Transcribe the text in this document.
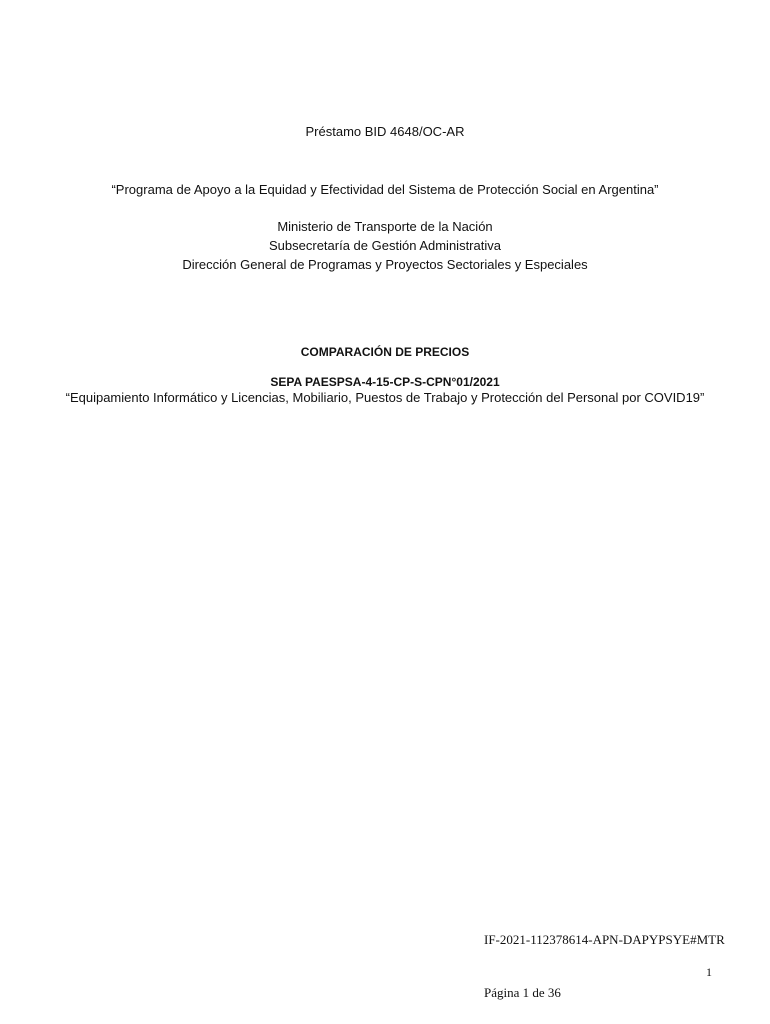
Préstamo BID 4648/OC-AR
“Programa de Apoyo a la Equidad y Efectividad del Sistema de Protección Social en Argentina”
Ministerio de Transporte de la Nación
Subsecretaría de Gestión Administrativa
Dirección General de Programas y Proyectos Sectoriales y Especiales
COMPARACIÓN DE PRECIOS
SEPA PAESPSA-4-15-CP-S-CPN°01/2021
“Equipamiento Informático y Licencias, Mobiliario, Puestos de Trabajo y Protección del Personal por COVID19”
IF-2021-112378614-APN-DAPYPSYE#MTR
1
Página 1 de 36
